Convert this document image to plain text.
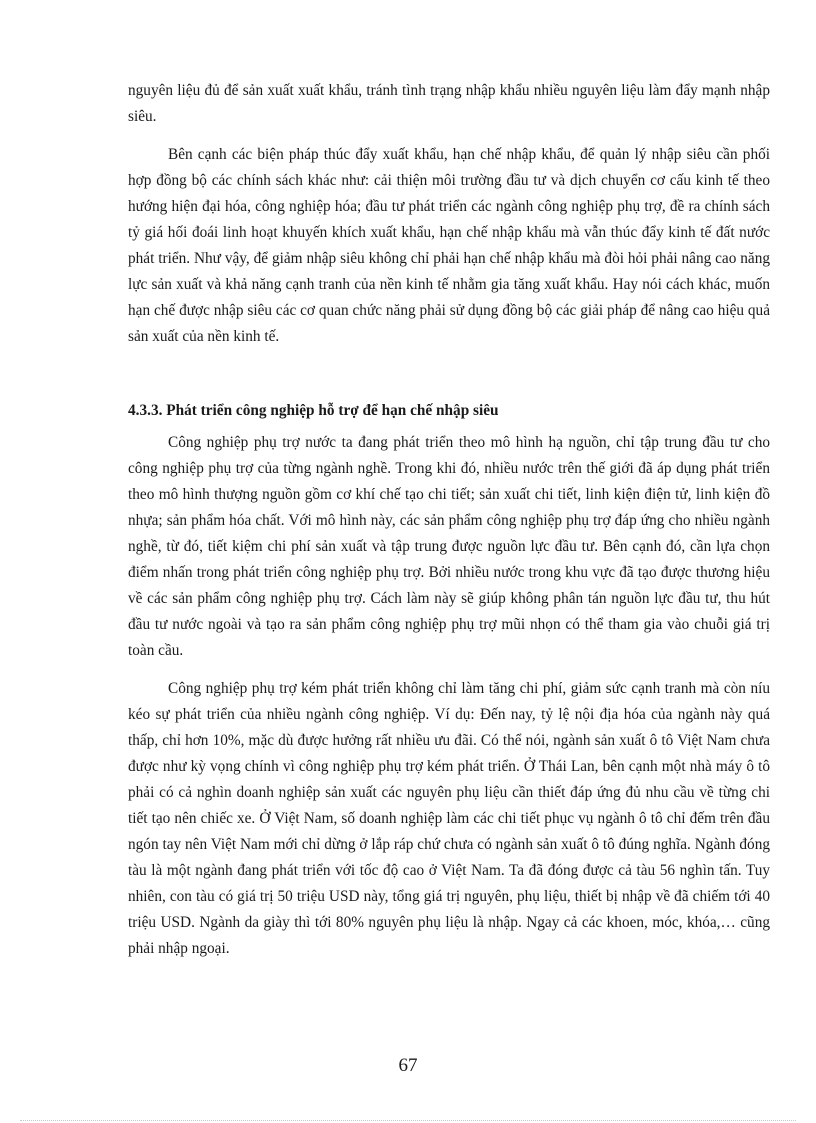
nguyên liệu đủ để sản xuất xuất khẩu, tránh tình trạng nhập khẩu nhiều nguyên liệu làm đẩy mạnh nhập siêu.

Bên cạnh các biện pháp thúc đẩy xuất khẩu, hạn chế nhập khẩu, để quản lý nhập siêu cần phối hợp đồng bộ các chính sách khác như: cải thiện môi trường đầu tư và dịch chuyển cơ cấu kinh tế theo hướng hiện đại hóa, công nghiệp hóa; đầu tư phát triển các ngành công nghiệp phụ trợ, đề ra chính sách tỷ giá hối đoái linh hoạt khuyến khích xuất khẩu, hạn chế nhập khẩu mà vẫn thúc đẩy kinh tế đất nước phát triển. Như vậy, để giảm nhập siêu không chỉ phải hạn chế nhập khẩu mà đòi hỏi phải nâng cao năng lực sản xuất và khả năng cạnh tranh của nền kinh tế nhằm gia tăng xuất khẩu. Hay nói cách khác, muốn hạn chế được nhập siêu các cơ quan chức năng phải sử dụng đồng bộ các giải pháp để nâng cao hiệu quả sản xuất của nền kinh tế.

4.3.3. Phát triển công nghiệp hỗ trợ để hạn chế nhập siêu

Công nghiệp phụ trợ nước ta đang phát triển theo mô hình hạ nguồn, chỉ tập trung đầu tư cho công nghiệp phụ trợ của từng ngành nghề. Trong khi đó, nhiều nước trên thế giới đã áp dụng phát triển theo mô hình thượng nguồn gồm cơ khí chế tạo chi tiết; sản xuất chi tiết, linh kiện điện tử, linh kiện đồ nhựa; sản phẩm hóa chất. Với mô hình này, các sản phẩm công nghiệp phụ trợ đáp ứng cho nhiều ngành nghề, từ đó, tiết kiệm chi phí sản xuất và tập trung được nguồn lực đầu tư. Bên cạnh đó, cần lựa chọn điểm nhấn trong phát triển công nghiệp phụ trợ. Bởi nhiều nước trong khu vực đã tạo được thương hiệu về các sản phẩm công nghiệp phụ trợ. Cách làm này sẽ giúp không phân tán nguồn lực đầu tư, thu hút đầu tư nước ngoài và tạo ra sản phẩm công nghiệp phụ trợ mũi nhọn có thể tham gia vào chuỗi giá trị toàn cầu.

Công nghiệp phụ trợ kém phát triển không chỉ làm tăng chi phí, giảm sức cạnh tranh mà còn níu kéo sự phát triển của nhiều ngành công nghiệp. Ví dụ: Đến nay, tỷ lệ nội địa hóa của ngành này quá thấp, chỉ hơn 10%, mặc dù được hưởng rất nhiều ưu đãi. Có thể nói, ngành sản xuất ô tô Việt Nam chưa được như kỳ vọng chính vì công nghiệp phụ trợ kém phát triển. Ở Thái Lan, bên cạnh một nhà máy ô tô phải có cả nghìn doanh nghiệp sản xuất các nguyên phụ liệu cần thiết đáp ứng đủ nhu cầu về từng chi tiết tạo nên chiếc xe. Ở Việt Nam, số doanh nghiệp làm các chi tiết phục vụ ngành ô tô chỉ đếm trên đầu ngón tay nên Việt Nam mới chỉ dừng ở lắp ráp chứ chưa có ngành sản xuất ô tô đúng nghĩa. Ngành đóng tàu là một ngành đang phát triển với tốc độ cao ở Việt Nam. Ta đã đóng được cả tàu 56 nghìn tấn. Tuy nhiên, con tàu có giá trị 50 triệu USD này, tổng giá trị nguyên, phụ liệu, thiết bị nhập về đã chiếm tới 40 triệu USD. Ngành da giày thì tới 80% nguyên phụ liệu là nhập. Ngay cả các khoen, móc, khóa,… cũng phải nhập ngoại.

67
